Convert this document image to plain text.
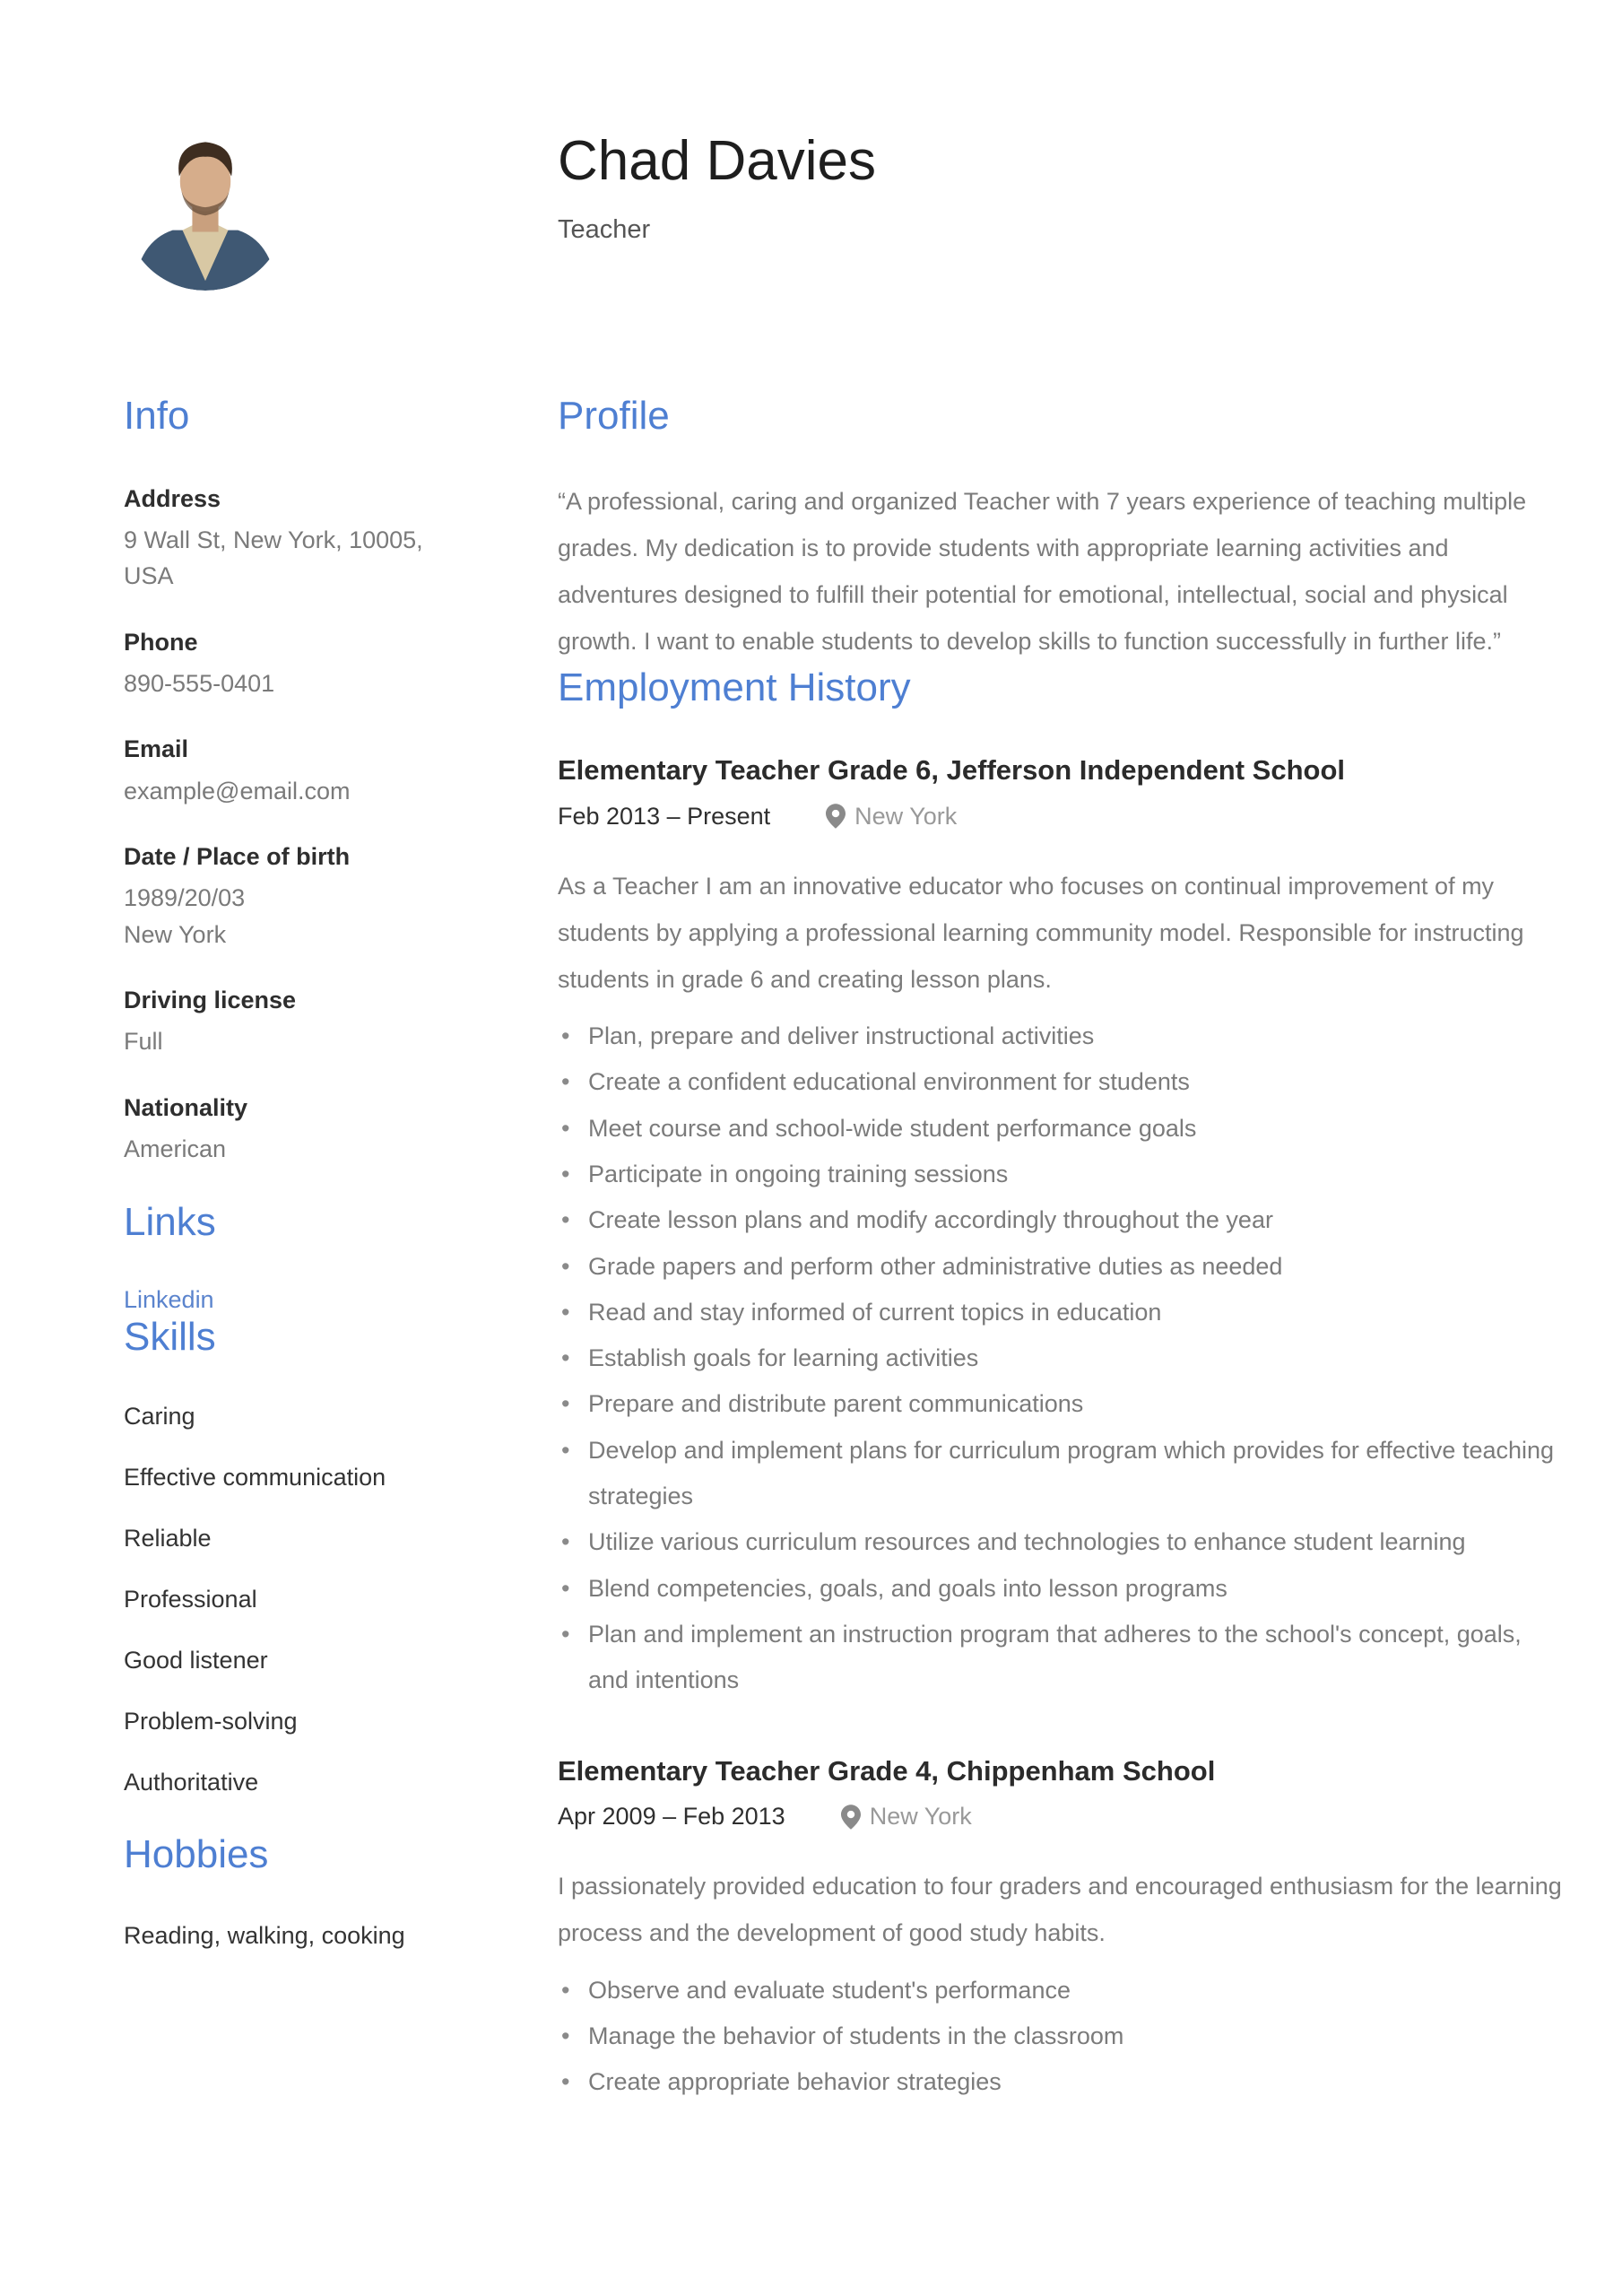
Chad Davies
Teacher
Info
Address
9 Wall St, New York, 10005,
USA
Phone
890-555-0401
Email
example@email.com
Date / Place of birth
1989/20/03
New York
Driving license
Full
Nationality
American
Links
Linkedin
Skills
Caring
Effective communication
Reliable
Professional
Good listener
Problem-solving
Authoritative
Hobbies
Reading, walking, cooking
Profile

“A professional, caring and organized Teacher with 7 years experience of teaching multiple grades. My dedication is to provide students with appropriate learning activities and adventures designed to fulfill their potential for emotional, intellectual, social and physical growth. I want to enable students to develop skills to function successfully in further life.”

Employment History
Elementary Teacher Grade 6, Jefferson Independent School
Feb 2013 – Present	New York

As a Teacher I am an innovative educator who focuses on continual improvement of my students by applying a professional learning community model. Responsible for instructing students in grade 6 and creating lesson plans.

• Plan, prepare and deliver instructional activities
• Create a confident educational environment for students
• Meet course and school-wide student performance goals
• Participate in ongoing training sessions
• Create lesson plans and modify accordingly throughout the year
• Grade papers and perform other administrative duties as needed
• Read and stay informed of current topics in education
• Establish goals for learning activities
• Prepare and distribute parent communications
• Develop and implement plans for curriculum program which provides for effective teaching strategies
• Utilize various curriculum resources and technologies to enhance student learning
• Blend competencies, goals, and goals into lesson programs
• Plan and implement an instruction program that adheres to the school's concept, goals, and intentions
Elementary Teacher Grade 4, Chippenham School
Apr 2009 – Feb 2013	New York

I passionately provided education to four graders and encouraged enthusiasm for the learning process and the development of good study habits.

• Observe and evaluate student's performance
• Manage the behavior of students in the classroom
• Create appropriate behavior strategies
